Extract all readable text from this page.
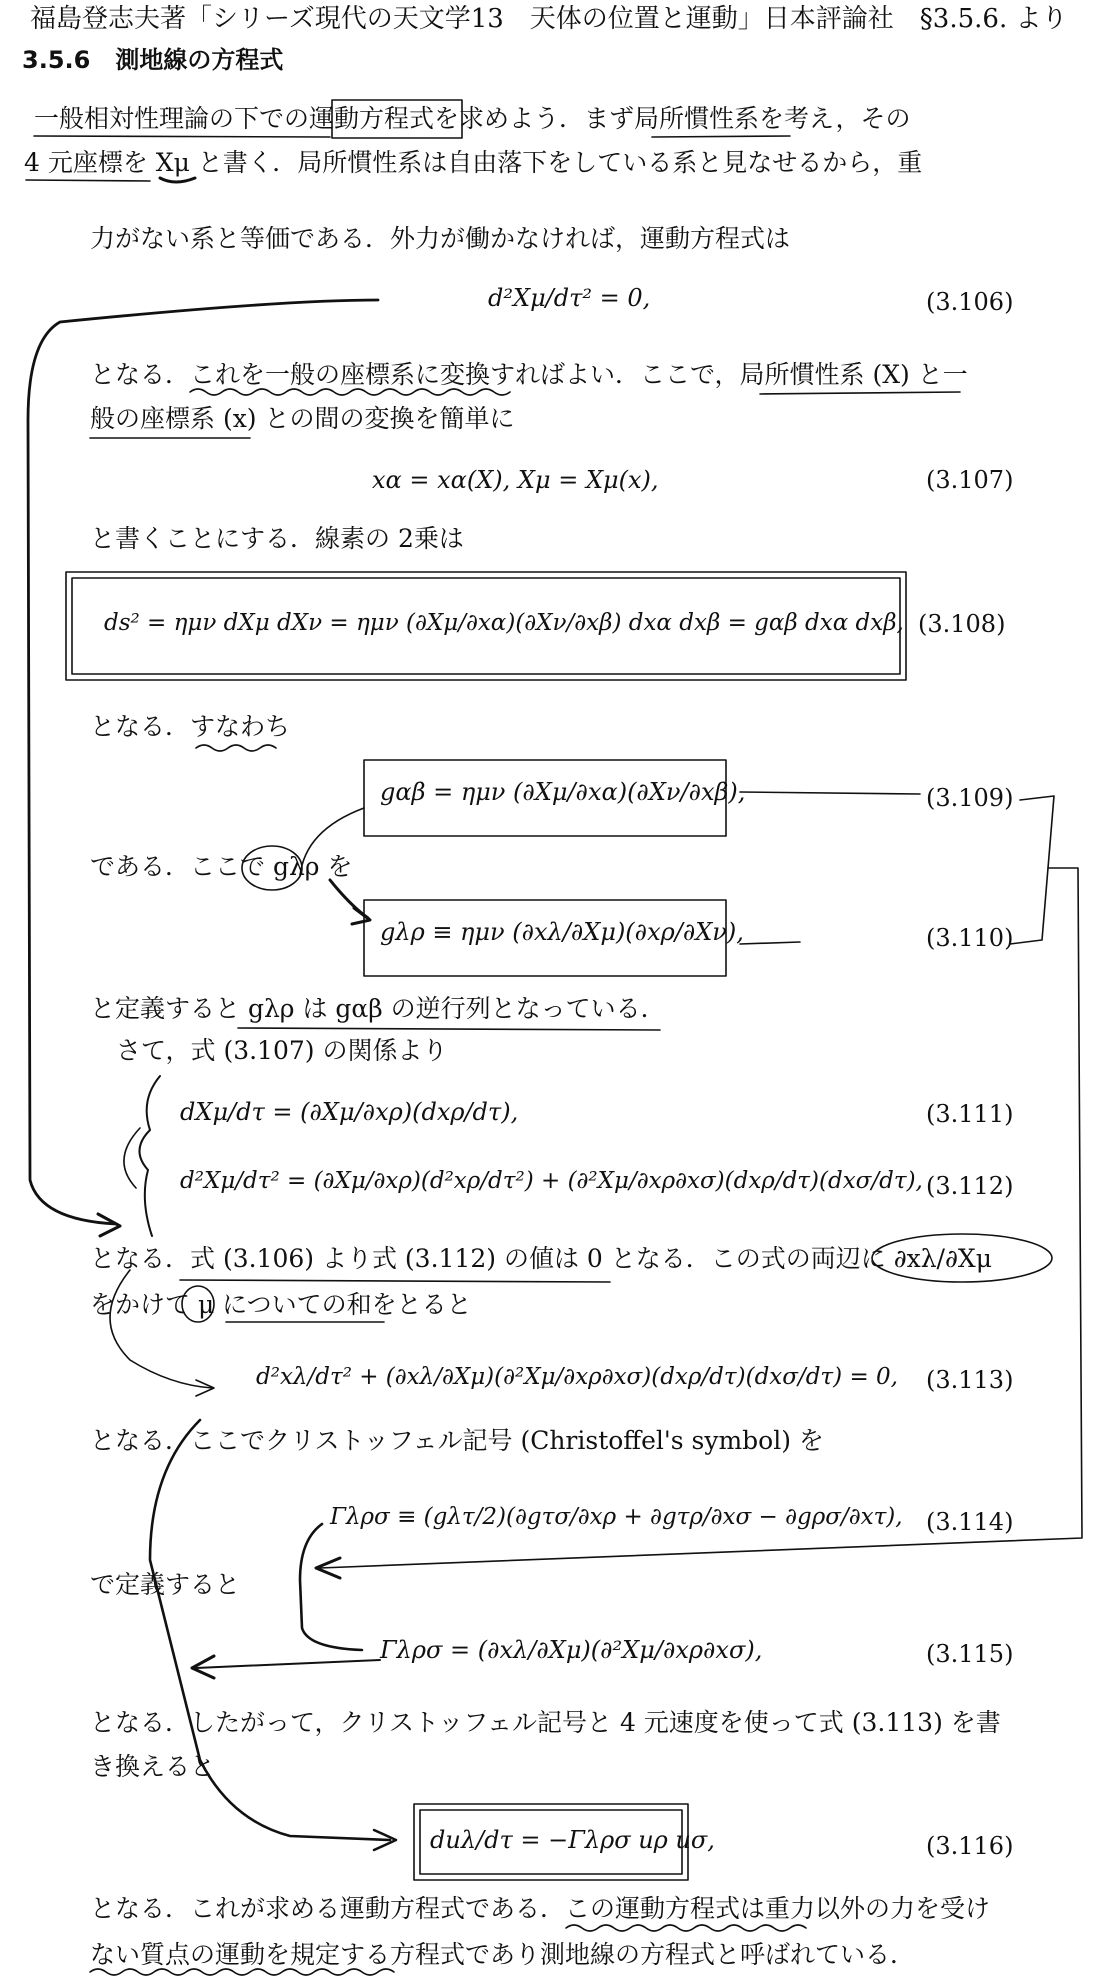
福島登志夫著「シリーズ現代の天文学13　天体の位置と運動」日本評論社　§3.5.6. より
3.5.6 測地線の方程式
一般相対性理論の下での運動方程式を求めよう．まず局所慣性系を考え，その
4 元座標を Xμ と書く．局所慣性系は自由落下をしている系と見なせるから，重
力がない系と等価である．外力が働かなければ，運動方程式は
d²Xμ/dτ² = 0,	(3.106)
となる．これを一般の座標系に変換すればよい．ここで，局所慣性系 (X) と一
般の座標系 (x) との間の変換を簡単に
xα = xα(X), Xμ = Xμ(x),	(3.107)
と書くことにする．線素の 2乗は
ds² = ημν dXμ dXν = ημν (∂Xμ/∂xα)(∂Xν/∂xβ) dxα dxβ = gαβ dxα dxβ, (3.108)
となる．すなわち
gαβ = ημν (∂Xμ/∂xα)(∂Xν/∂xβ),	(3.109)
である．ここで gλρ を
gλρ ≡ ημν (∂xλ/∂Xμ)(∂xρ/∂Xν),	(3.110)
と定義すると gλρ は gαβ の逆行列となっている．
さて，式 (3.107) の関係より
dXμ/dτ = (∂Xμ/∂xρ)(dxρ/dτ),	(3.111)
d²Xμ/dτ² = (∂Xμ/∂xρ)(d²xρ/dτ²) + (∂²Xμ/∂xρ∂xσ)(dxρ/dτ)(dxσ/dτ), (3.112)
となる．式 (3.106) より式 (3.112) の値は 0 となる．この式の両辺に ∂xλ/∂Xμ
をかけて μ についての和をとると
d²xλ/dτ² + (∂xλ/∂Xμ)(∂²Xμ/∂xρ∂xσ)(dxρ/dτ)(dxσ/dτ) = 0, (3.113)
となる．ここでクリストッフェル記号 (Christoffel's symbol) を
Γλρσ ≡ (gλτ/2)(∂gτσ/∂xρ + ∂gτρ/∂xσ − ∂gρσ/∂xτ), (3.114)
で定義すると
Γλρσ = (∂xλ/∂Xμ)(∂²Xμ/∂xρ∂xσ),	(3.115)
となる．したがって，クリストッフェル記号と 4 元速度を使って式 (3.113) を書
き換えると
duλ/dτ = −Γλρσ uρ uσ,	(3.116)
となる．これが求める運動方程式である．この運動方程式は重力以外の力を受け
ない質点の運動を規定する方程式であり測地線の方程式と呼ばれている．
